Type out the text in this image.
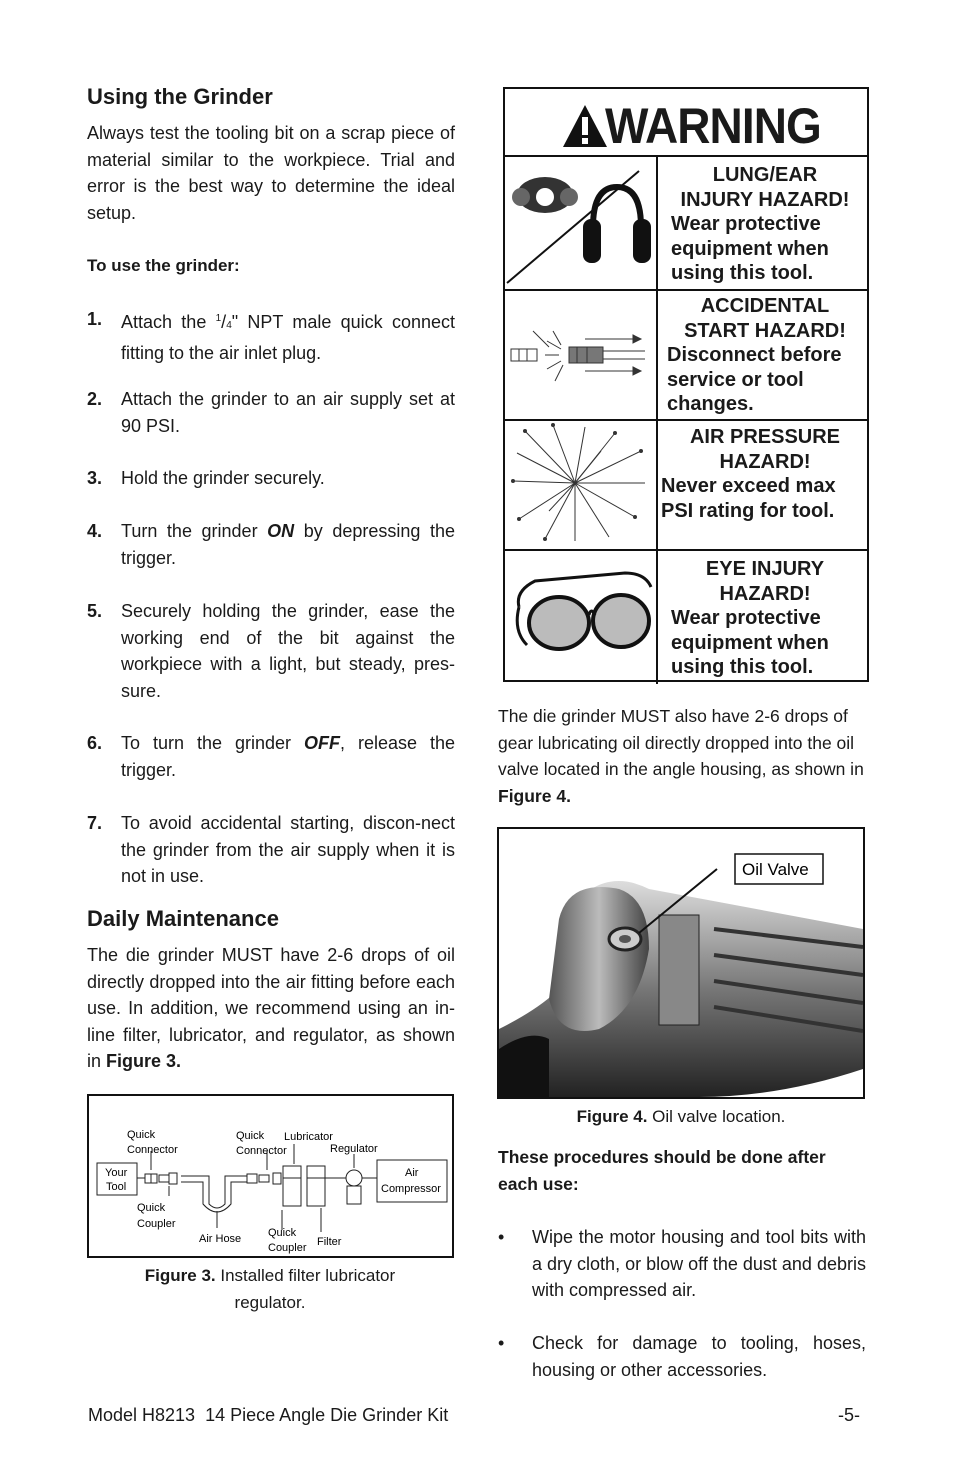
Using the Grinder

Always test the tooling bit on a scrap piece of material similar to the workpiece. Trial and error is the best way to determine the ideal setup.

To use the grinder:

1. Attach the $^1$/4" NPT male quick connect fitting to the air inlet plug.
2. Attach the grinder to an air supply set at 90 PSI.
3. Hold the grinder securely.
4. Turn the grinder ON by depressing the trigger.
5. Securely holding the grinder, ease the working end of the bit against the workpiece with a light, but steady, pres-sure.
6. To turn the grinder OFF, release the trigger.
7. To avoid accidental starting, discon-nect the grinder from the air supply when it is not in use.
Daily Maintenance

The die grinder MUST have 2-6 drops of oil directly dropped into the air fitting before each use. In addition, we recommend using an in-line filter, lubricator, and regulator, as shown in Figure 3.

Quick
Connector
Quick
Connector
Lubricator
Regulator
Your
Tool
Air
Compressor
Quick
Coupler
Air Hose Quick
Coupler Filter

Figure 3. Installed filter lubricator regulator.

WARNING
LUNG/EAR
INJURY HAZARD!
Wear protective equipment when using this tool.
ACCIDENTAL
START HAZARD!
Disconnect before service or tool changes.
AIR PRESSURE
HAZARD!
Never exceed max PSI rating for tool.
EYE INJURY
HAZARD!
Wear protective equipment when using this tool.

The die grinder MUST also have 2-6 drops of gear lubricating oil directly dropped into the oil valve located in the angle housing, as shown in Figure 4.

Oil Valve

Figure 4. Oil valve location.

These procedures should be done after each use:

• Wipe the motor housing and tool bits with a dry cloth, or blow off the dust and debris with compressed air.
• Check for damage to tooling, hoses, housing or other accessories.

Model H8213  14 Piece Angle Die Grinder Kit	-5-
